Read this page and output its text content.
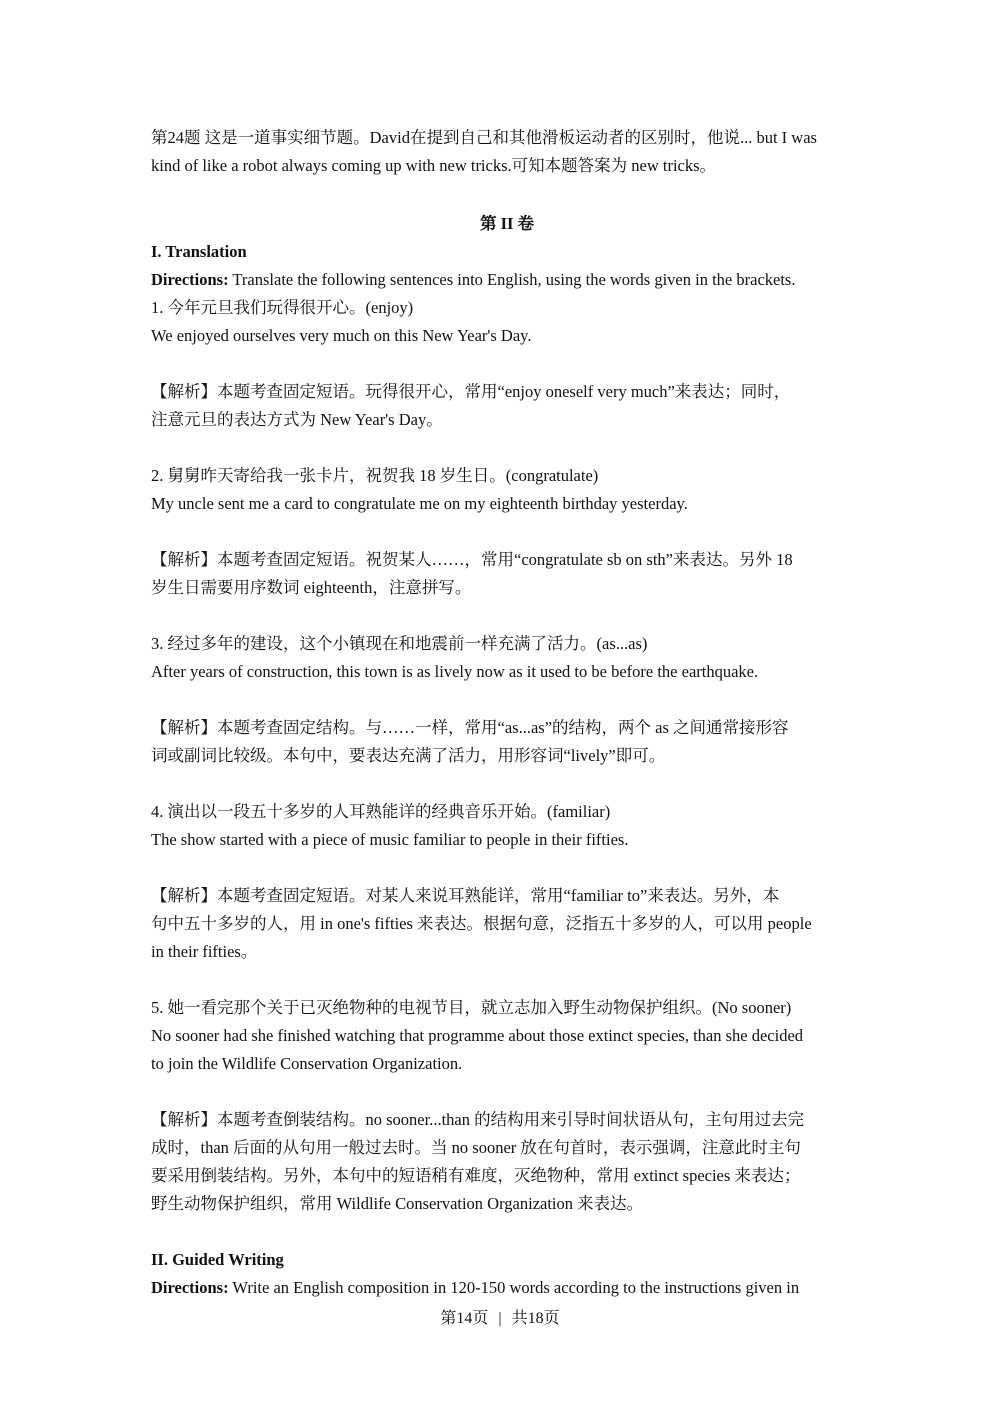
第24题 这是一道事实细节题。David在提到自己和其他滑板运动者的区别时，他说... but I was
kind of like a robot always coming up with new tricks.可知本题答案为 new tricks。
第 II 卷
I. Translation
Directions: Translate the following sentences into English, using the words given in the brackets.
1. 今年元旦我们玩得很开心。(enjoy)
We enjoyed ourselves very much on this New Year's Day.
【解析】本题考查固定短语。玩得很开心，常用“enjoy oneself very much”来表达；同时，
注意元旦的表达方式为 New Year's Day。
2. 舅舅昨天寄给我一张卡片，祝贺我 18 岁生日。(congratulate)
My uncle sent me a card to congratulate me on my eighteenth birthday yesterday.
【解析】本题考查固定短语。祝贺某人……，常用“congratulate sb on sth”来表达。另外 18
岁生日需要用序数词 eighteenth，注意拼写。
3. 经过多年的建设，这个小镇现在和地震前一样充满了活力。(as...as)
After years of construction, this town is as lively now as it used to be before the earthquake.
【解析】本题考查固定结构。与……一样，常用“as...as”的结构，两个 as 之间通常接形容
词或副词比较级。本句中，要表达充满了活力，用形容词“lively”即可。
4. 演出以一段五十多岁的人耳熟能详的经典音乐开始。(familiar)
The show started with a piece of music familiar to people in their fifties.
【解析】本题考查固定短语。对某人来说耳熟能详，常用“familiar to”来表达。另外，本
句中五十多岁的人，用 in one's fifties 来表达。根据句意，泛指五十多岁的人，可以用 people
in their fifties。
5. 她一看完那个关于已灭绝物种的电视节目，就立志加入野生动物保护组织。(No sooner)
No sooner had she finished watching that programme about those extinct species, than she decided
to join the Wildlife Conservation Organization.
【解析】本题考查倒装结构。no sooner...than 的结构用来引导时间状语从句，主句用过去完
成时，than 后面的从句用一般过去时。当 no sooner 放在句首时，表示强调，注意此时主句
要采用倒装结构。另外，本句中的短语稍有难度，灭绝物种，常用 extinct species 来表达；
野生动物保护组织，常用 Wildlife Conservation Organization 来表达。
II. Guided Writing
Directions: Write an English composition in 120-150 words according to the instructions given in
第14页 | 共18页
